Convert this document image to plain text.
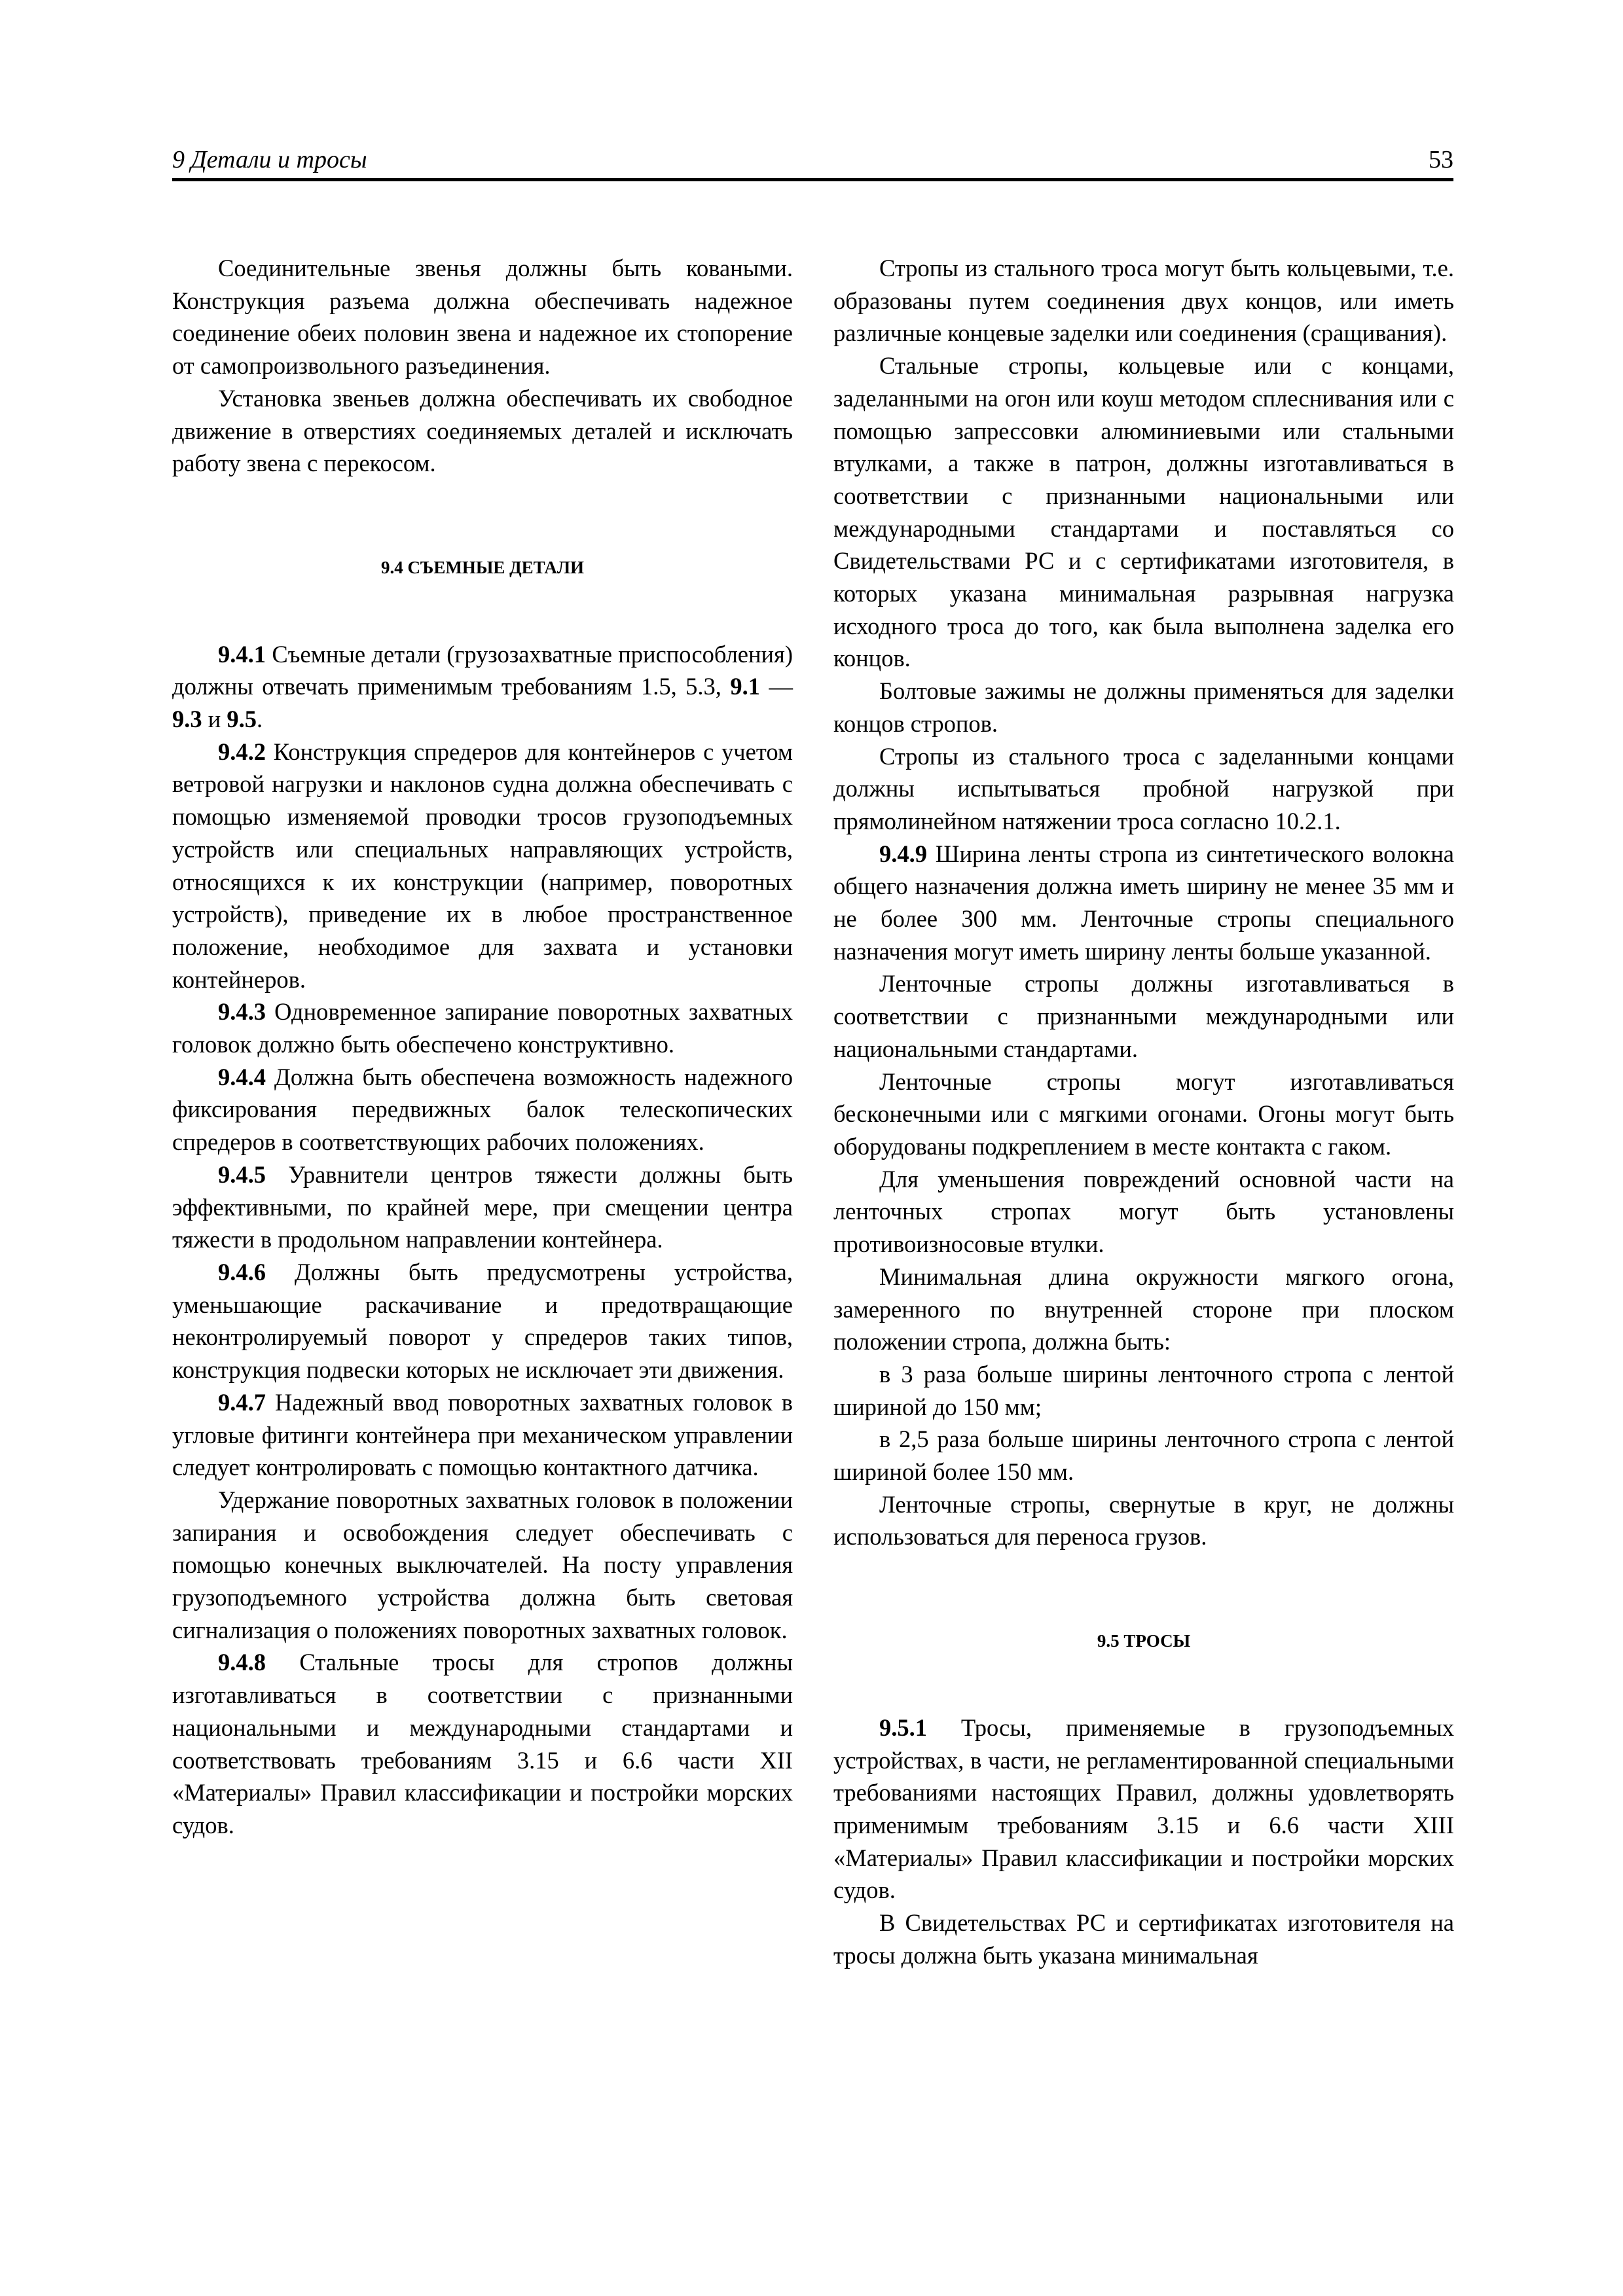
9 Детали и тросы	53

Соединительные звенья должны быть коваными. Конструкция разъема должна обеспечивать надежное соединение обеих половин звена и надежное их стопорение от самопроизвольного разъединения.

Установка звеньев должна обеспечивать их свободное движение в отверстиях соединяемых деталей и исключать работу звена с перекосом.

9.4 СЪЕМНЫЕ ДЕТАЛИ

9.4.1 Съемные детали (грузозахватные приспособления) должны отвечать применимым требованиям 1.5, 5.3, 9.1 — 9.3 и 9.5.

9.4.2 Конструкция спредеров для контейнеров с учетом ветровой нагрузки и наклонов судна должна обеспечивать с помощью изменяемой проводки тросов грузоподъемных устройств или специальных направляющих устройств, относящихся к их конструкции (например, поворотных устройств), приведение их в любое пространственное положение, необходимое для захвата и установки контейнеров.

9.4.3 Одновременное запирание поворотных захватных головок должно быть обеспечено конструктивно.

9.4.4 Должна быть обеспечена возможность надежного фиксирования передвижных балок телескопических спредеров в соответствующих рабочих положениях.

9.4.5 Уравнители центров тяжести должны быть эффективными, по крайней мере, при смещении центра тяжести в продольном направлении контейнера.

9.4.6 Должны быть предусмотрены устройства, уменьшающие раскачивание и предотвращающие неконтролируемый поворот у спредеров таких типов, конструкция подвески которых не исключает эти движения.

9.4.7 Надежный ввод поворотных захватных головок в угловые фитинги контейнера при механическом управлении следует контролировать с помощью контактного датчика.

Удержание поворотных захватных головок в положении запирания и освобождения следует обеспечивать с помощью конечных выключателей. На посту управления грузоподъемного устройства должна быть световая сигнализация о положениях поворотных захватных головок.

9.4.8 Стальные тросы для стропов должны изготавливаться в соответствии с признанными национальными и международными стандартами и соответствовать требованиям 3.15 и 6.6 части XII «Материалы» Правил классификации и постройки морских судов.

Стропы из стального троса могут быть кольцевыми, т.е. образованы путем соединения двух концов, или иметь различные концевые заделки или соединения (сращивания).

Стальные стропы, кольцевые или с концами, заделанными на огон или коуш методом сплеснивания или с помощью запрессовки алюминиевыми или стальными втулками, а также в патрон, должны изготавливаться в соответствии с признанными национальными или международными стандартами и поставляться со Свидетельствами РС и с сертификатами изготовителя, в которых указана минимальная разрывная нагрузка исходного троса до того, как была выполнена заделка его концов.

Болтовые зажимы не должны применяться для заделки концов стропов.

Стропы из стального троса с заделанными концами должны испытываться пробной нагрузкой при прямолинейном натяжении троса согласно 10.2.1.

9.4.9 Ширина ленты стропа из синтетического волокна общего назначения должна иметь ширину не менее 35 мм и не более 300 мм. Ленточные стропы специального назначения могут иметь ширину ленты больше указанной.

Ленточные стропы должны изготавливаться в соответствии с признанными международными или национальными стандартами.

Ленточные стропы могут изготавливаться бесконечными или с мягкими огонами. Огоны могут быть оборудованы подкреплением в месте контакта с гаком.

Для уменьшения повреждений основной части на ленточных стропах могут быть установлены противоизносовые втулки.

Минимальная длина окружности мягкого огона, замеренного по внутренней стороне при плоском положении стропа, должна быть:

в 3 раза больше ширины ленточного стропа с лентой шириной до 150 мм;

в 2,5 раза больше ширины ленточного стропа с лентой шириной более 150 мм.

Ленточные стропы, свернутые в круг, не должны использоваться для переноса грузов.

9.5 ТРОСЫ

9.5.1 Тросы, применяемые в грузоподъемных устройствах, в части, не регламентированной специальными требованиями настоящих Правил, должны удовлетворять применимым требованиям 3.15 и 6.6 части XIII «Материалы» Правил классификации и постройки морских судов.

В Свидетельствах РС и сертификатах изготовителя на тросы должна быть указана минимальная
